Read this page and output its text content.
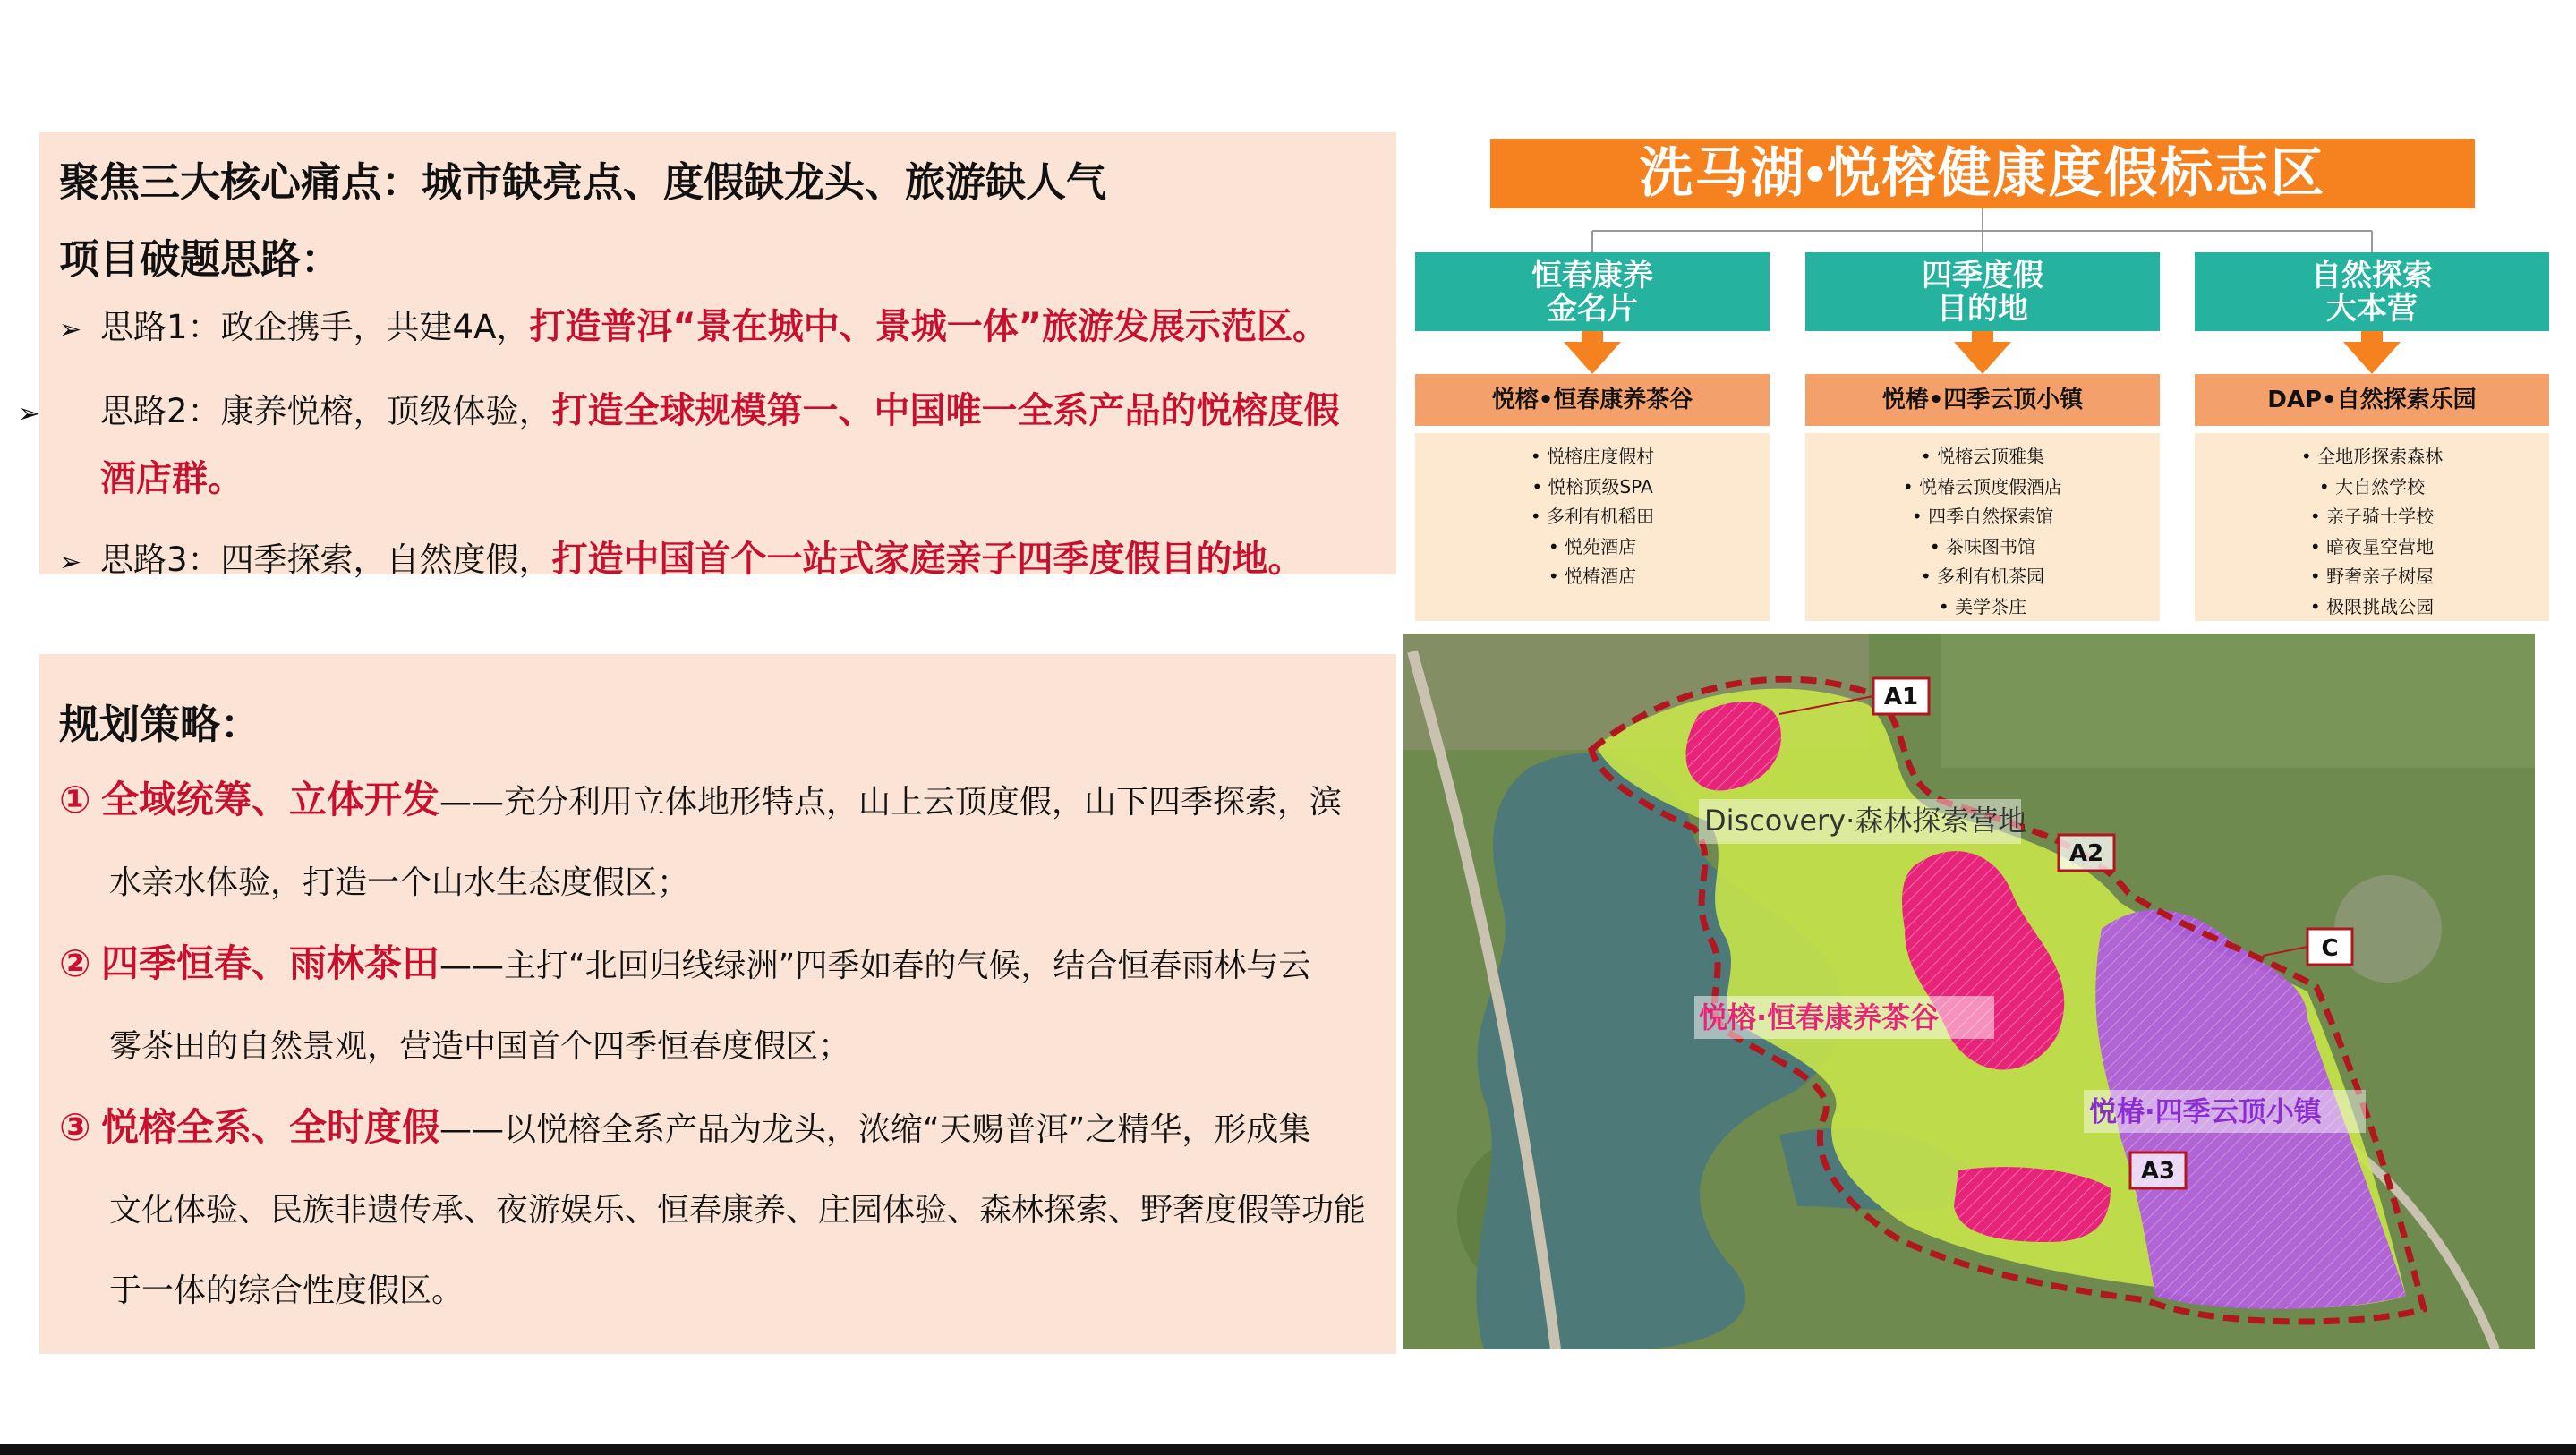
聚焦三大核心痛点：城市缺亮点、度假缺龙头、旅游缺人气
项目破题思路：
➢ 思路1：政企携手，共建4A，打造普洱“景在城中、景城一体”旅游发展示范区。
➢ 思路2：康养悦榕，顶级体验，打造全球规模第一、中国唯一全系产品的悦榕度假酒店群。
➢ 思路3：四季探索，自然度假，打造中国首个一站式家庭亲子四季度假目的地。
规划策略：
① 全域统筹、立体开发——充分利用立体地形特点，山上云顶度假，山下四季探索，滨
水亲水体验，打造一个山水生态度假区；
② 四季恒春、雨林茶田——主打“北回归线绿洲”四季如春的气候，结合恒春雨林与云
雾茶田的自然景观，营造中国首个四季恒春度假区；
③ 悦榕全系、全时度假——以悦榕全系产品为龙头，浓缩“天赐普洱”之精华，形成集
文化体验、民族非遗传承、夜游娱乐、恒春康养、庄园体验、森林探索、野奢度假等功能
于一体的综合性度假区。
洗马湖•悦榕健康度假标志区
恒春康养
金名片
悦榕•恒春康养茶谷
• 悦榕庄度假村
• 悦榕顶级SPA
• 多利有机稻田
• 悦苑酒店
• 悦椿酒店
四季度假
目的地
悦椿•四季云顶小镇
• 悦榕云顶雅集
• 悦椿云顶度假酒店
• 四季自然探索馆
• 茶味图书馆
• 多利有机茶园
• 美学茶庄
自然探索
大本营
DAP•自然探索乐园
• 全地形探索森林
• 大自然学校
• 亲子骑士学校
• 暗夜星空营地
• 野奢亲子树屋
• 极限挑战公园
A1
Discovery·森林探索营地
A2
C
悦榕·恒春康养茶谷
悦椿·四季云顶小镇
A3
